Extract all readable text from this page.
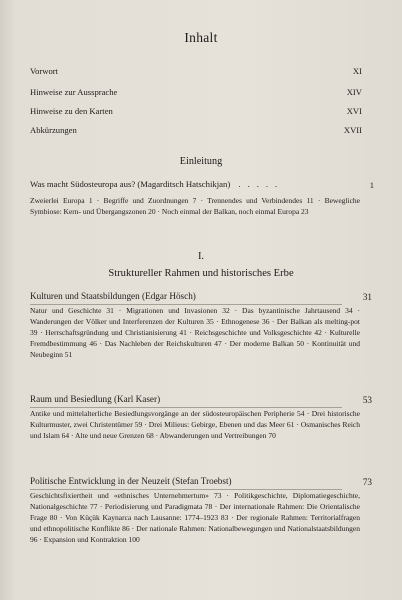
Inhalt
Vorwort	XI
Hinweise zur Aussprache	XIV
Hinweise zu den Karten	XVI
Abkürzungen	XVII
Einleitung
Was macht Südosteuropa aus? (Magarditsch Hatschikjan) . . . . .	1
Zweierlei Europa 1 · Begriffe und Zuordnungen 7 · Trennendes und Verbindendes 11 · Bewegliche Symbiose: Kern- und Übergangszonen 20 · Noch einmal der Balkan, noch einmal Europa 23
I.
Struktureller Rahmen und historisches Erbe
Kulturen und Staatsbildungen (Edgar Hösch)	31
Natur und Geschichte 31 · Migrationen und Invasionen 32 · Das byzantinische Jahrtausend 34 · Wanderungen der Völker und Interferenzen der Kulturen 35 · Ethnogenese 36 · Der Balkan als melting-pot 39 · Herrschaftsgründung und Christianisierung 41 · Reichsgeschichte und Volksgeschichte 42 · Kulturelle Fremdbestimmung 46 · Das Nachleben der Reichskulturen 47 · Der moderne Balkan 50 · Kontinuität und Neubeginn 51
Raum und Besiedlung (Karl Kaser)	53
Antike und mittelalterliche Besiedlungsvorgänge an der südosteuropäischen Peripherie 54 · Drei historische Kulturmuster, zwei Christentümer 59 · Drei Milieus: Gebirge, Ebenen und das Meer 61 · Osmanisches Reich und Islam 64 · Alte und neue Grenzen 68 · Abwanderungen und Vertreibungen 70
Politische Entwicklung in der Neuzeit (Stefan Troebst)	73
Geschichtsfixiertheit und «ethnisches Unternehmertum» 73 · Politikgeschichte, Diplomatiegeschichte, Nationalgeschichte 77 · Periodisierung und Paradigmata 78 · Der internationale Rahmen: Die Orientalische Frage 80 · Von Küçük Kaynarca nach Lausanne: 1774–1923 83 · Der regionale Rahmen: Territorialfragen und ethnopolitische Konflikte 86 · Der nationale Rahmen: Nationalbewegungen und Nationalstaatsbildungen 96 · Expansion und Kontraktion 100
